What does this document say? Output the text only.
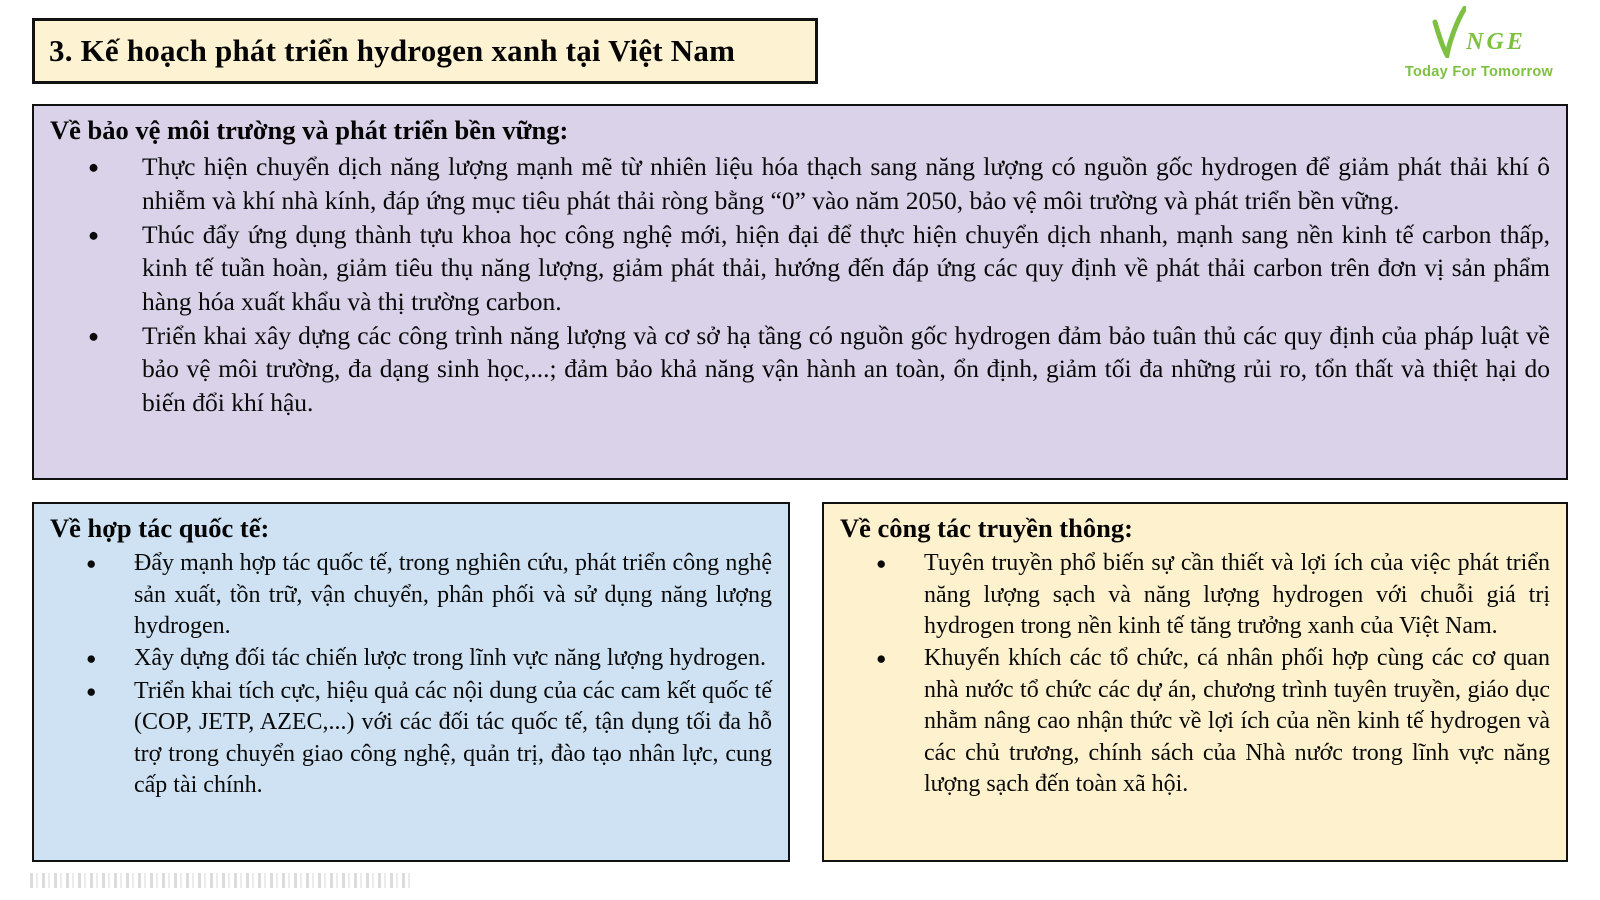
3. Kế hoạch phát triển hydrogen xanh tại Việt Nam	NGE
Today For Tomorrow
Về bảo vệ môi trường và phát triển bền vững:
● Thực hiện chuyển dịch năng lượng mạnh mẽ từ nhiên liệu hóa thạch sang năng lượng có nguồn gốc hydrogen để giảm phát thải khí ô nhiễm và khí nhà kính, đáp ứng mục tiêu phát thải ròng bằng “0” vào năm 2050, bảo vệ môi trường và phát triển bền vững.
● Thúc đẩy ứng dụng thành tựu khoa học công nghệ mới, hiện đại để thực hiện chuyển dịch nhanh, mạnh sang nền kinh tế carbon thấp, kinh tế tuần hoàn, giảm tiêu thụ năng lượng, giảm phát thải, hướng đến đáp ứng các quy định về phát thải carbon trên đơn vị sản phẩm hàng hóa xuất khẩu và thị trường carbon.
● Triển khai xây dựng các công trình năng lượng và cơ sở hạ tầng có nguồn gốc hydrogen đảm bảo tuân thủ các quy định của pháp luật về bảo vệ môi trường, đa dạng sinh học,...; đảm bảo khả năng vận hành an toàn, ổn định, giảm tối đa những rủi ro, tổn thất và thiệt hại do biến đổi khí hậu.
Về hợp tác quốc tế:
● Đẩy mạnh hợp tác quốc tế, trong nghiên cứu, phát triển công nghệ sản xuất, tồn trữ, vận chuyển, phân phối và sử dụng năng lượng hydrogen.
● Xây dựng đối tác chiến lược trong lĩnh vực năng lượng hydrogen.
● Triển khai tích cực, hiệu quả các nội dung của các cam kết quốc tế (COP, JETP, AZEC,...) với các đối tác quốc tế, tận dụng tối đa hỗ trợ trong chuyển giao công nghệ, quản trị, đào tạo nhân lực, cung cấp tài chính.
Về công tác truyền thông:
● Tuyên truyền phổ biến sự cần thiết và lợi ích của việc phát triển năng lượng sạch và năng lượng hydrogen với chuỗi giá trị hydrogen trong nền kinh tế tăng trưởng xanh của Việt Nam.
● Khuyến khích các tổ chức, cá nhân phối hợp cùng các cơ quan nhà nước tổ chức các dự án, chương trình tuyên truyền, giáo dục nhằm nâng cao nhận thức về lợi ích của nền kinh tế hydrogen và các chủ trương, chính sách của Nhà nước trong lĩnh vực năng lượng sạch đến toàn xã hội.
